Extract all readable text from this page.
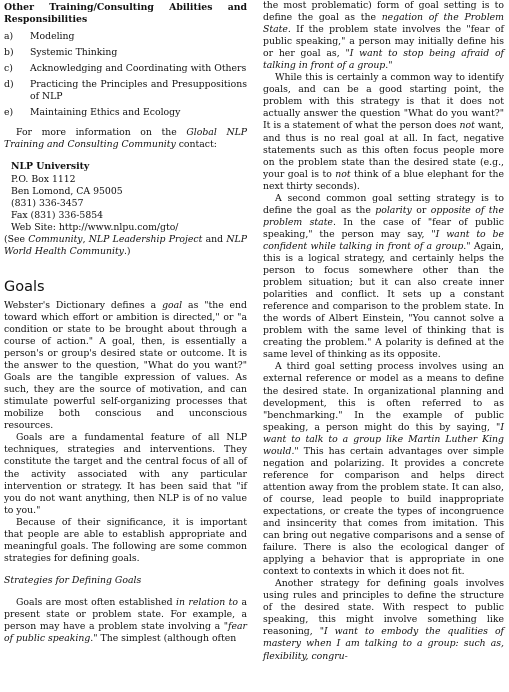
Other Training/Consulting Abilities and Responsibilities

a) Modeling
b) Systemic Thinking
c) Acknowledging and Coordinating with Others
d) Practicing the Principles and Presuppositions of NLP
e) Maintaining Ethics and Ecology

For more information on the Global NLP Training and Consulting Community contact:

NLP University

P.O. Box 1112

Ben Lomond, CA 95005

(831) 336-3457

Fax (831) 336-5854

Web Site: http://www.nlpu.com/gto/

(See Community, NLP Leadership Project and NLP World Health Community.)

Goals

Webster's Dictionary defines a goal as "the end toward which effort or ambition is directed," or "a condition or state to be brought about through a course of action." A goal, then, is essentially a person's or group's desired state or outcome. It is the answer to the question, "What do you want?" Goals are the tangible expression of values. As such, they are the source of motivation, and can stimulate powerful self-organizing processes that mobilize both conscious and unconscious resources.

Goals are a fundamental feature of all NLP techniques, strategies and interventions. They constitute the target and the central focus of all of the activity associated with any particular intervention or strategy. It has been said that "if you do not want anything, then NLP is of no value to you."

Because of their significance, it is important that people are able to establish appropriate and meaningful goals. The following are some common strategies for defining goals.

Strategies for Defining Goals

Goals are most often established in relation to a present state or problem state. For example, a person may have a problem state involving a "fear of public speaking." The simplest (although often

the most problematic) form of goal setting is to define the goal as the negation of the Problem State. If the problem state involves the "fear of public speaking," a person may initially define his or her goal as, "I want to stop being afraid of talking in front of a group."

While this is certainly a common way to identify goals, and can be a good starting point, the problem with this strategy is that it does not actually answer the question "What do you want?" It is a statement of what the person does not want, and thus is no real goal at all. In fact, negative statements such as this often focus people more on the problem state than the desired state (e.g., your goal is to not think of a blue elephant for the next thirty seconds).

A second common goal setting strategy is to define the goal as the polarity or opposite of the problem state. In the case of "fear of public speaking," the person may say, "I want to be confident while talking in front of a group." Again, this is a logical strategy, and certainly helps the person to focus somewhere other than the problem situation; but it can also create inner polarities and conflict. It sets up a constant reference and comparison to the problem state. In the words of Albert Einstein, "You cannot solve a problem with the same level of thinking that is creating the problem." A polarity is defined at the same level of thinking as its opposite.

A third goal setting process involves using an external reference or model as a means to define the desired state. In organizational planning and development, this is often referred to as "benchmarking." In the example of public speaking, a person might do this by saying, "I want to talk to a group like Martin Luther King would." This has certain advantages over simple negation and polarizing. It provides a concrete reference for comparison and helps direct attention away from the problem state. It can also, of course, lead people to build inappropriate expectations, or create the types of incongruence and insincerity that comes from imitation. This can bring out negative comparisons and a sense of failure. There is also the ecological danger of applying a behavior that is appropriate in one context to contexts in which it does not fit.

Another strategy for defining goals involves using rules and principles to define the structure of the desired state. With respect to public speaking, this might involve something like reasoning, "I want to embody the qualities of mastery when I am talking to a group: such as, flexibility, congru-
